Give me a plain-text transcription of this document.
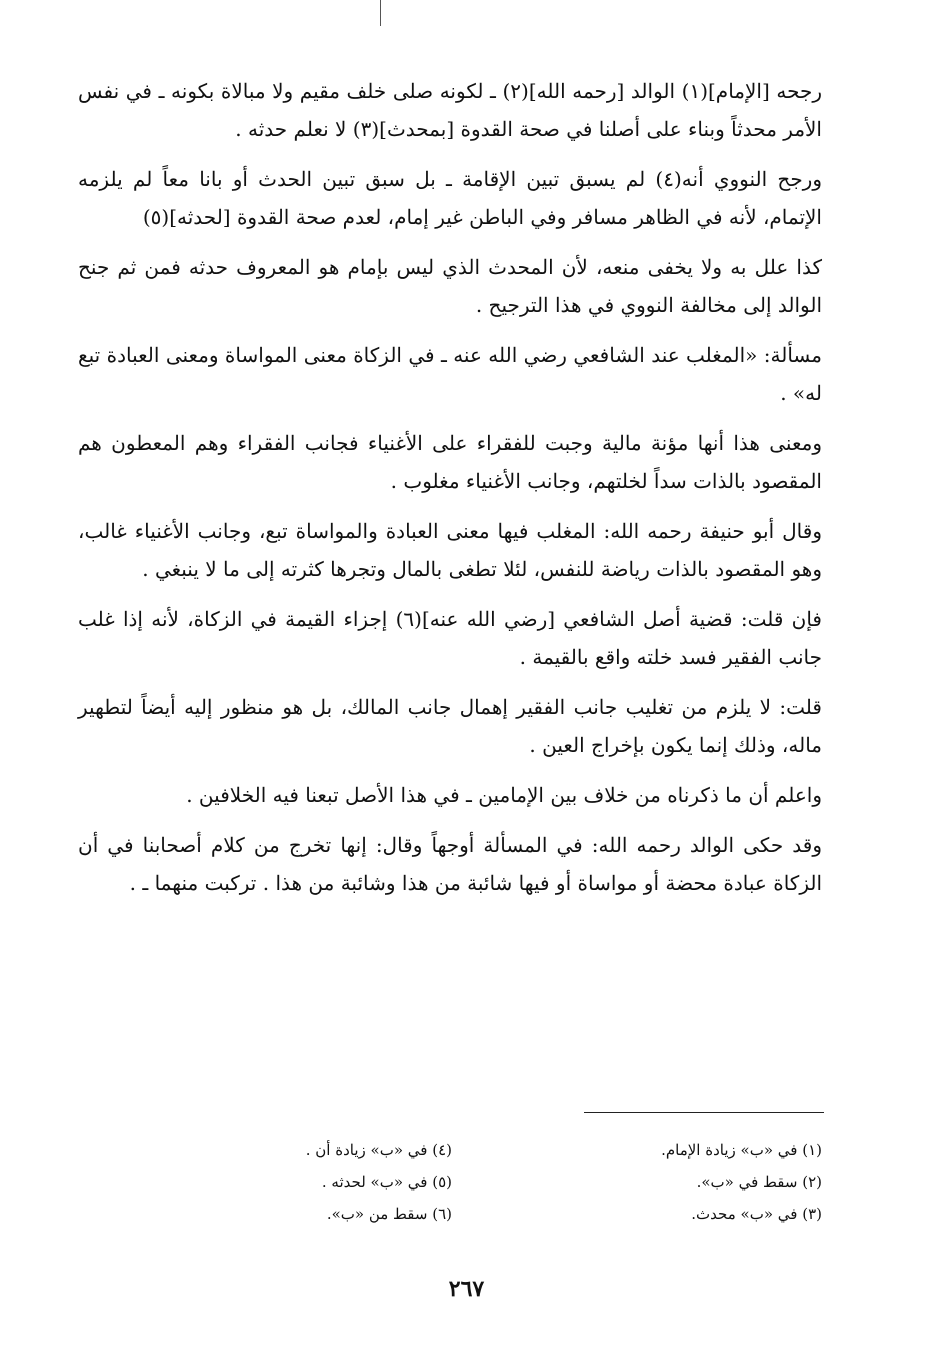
رجحه [الإمام](١) الوالد [رحمه الله](٢) ـ لكونه صلى خلف مقيم ولا مبالاة بكونه ـ في نفس الأمر محدثاً وبناء على أصلنا في صحة القدوة [بمحدث](٣) لا نعلم حدثه .

ورجح النووي أنه(٤) لم يسبق تبين الإقامة ـ بل سبق تبين الحدث أو بانا معاً لم يلزمه الإتمام، لأنه في الظاهر مسافر وفي الباطن غير إمام، لعدم صحة القدوة [لحدثه](٥)

كذا علل به ولا يخفى منعه، لأن المحدث الذي ليس بإمام هو المعروف حدثه فمن ثم جنح الوالد إلى مخالفة النووي في هذا الترجيح .

مسألة: «المغلب عند الشافعي رضي الله عنه ـ في الزكاة معنى المواساة ومعنى العبادة تبع له» .

ومعنى هذا أنها مؤنة مالية وجبت للفقراء على الأغنياء فجانب الفقراء وهم المعطون هم المقصود بالذات سداً لخلتهم، وجانب الأغنياء مغلوب .

وقال أبو حنيفة رحمه الله: المغلب فيها معنى العبادة والمواساة تبع، وجانب الأغنياء غالب، وهو المقصود بالذات رياضة للنفس، لئلا تطغى بالمال وتجرها كثرته إلى ما لا ينبغي .

فإن قلت: قضية أصل الشافعي [رضي الله عنه](٦) إجزاء القيمة في الزكاة، لأنه إذا غلب جانب الفقير فسد خلته واقع بالقيمة .

قلت: لا يلزم من تغليب جانب الفقير إهمال جانب المالك، بل هو منظور إليه أيضاً لتطهير ماله، وذلك إنما يكون بإخراج العين .

واعلم أن ما ذكرناه من خلاف بين الإمامين ـ في هذا الأصل تبعنا فيه الخلافين .

وقد حكى الوالد رحمه الله: في المسألة أوجهاً وقال: إنها تخرج من كلام أصحابنا في أن الزكاة عبادة محضة أو مواساة أو فيها شائبة من هذا وشائبة من هذا . تركبت منهما ـ .

(١) في «ب» زيادة الإمام.
(٢) سقط في «ب».
(٣) في «ب» محدث.
(٤) في «ب» زيادة أن .
(٥) في «ب» لحدثه .
(٦) سقط من «ب».
٢٦٧
